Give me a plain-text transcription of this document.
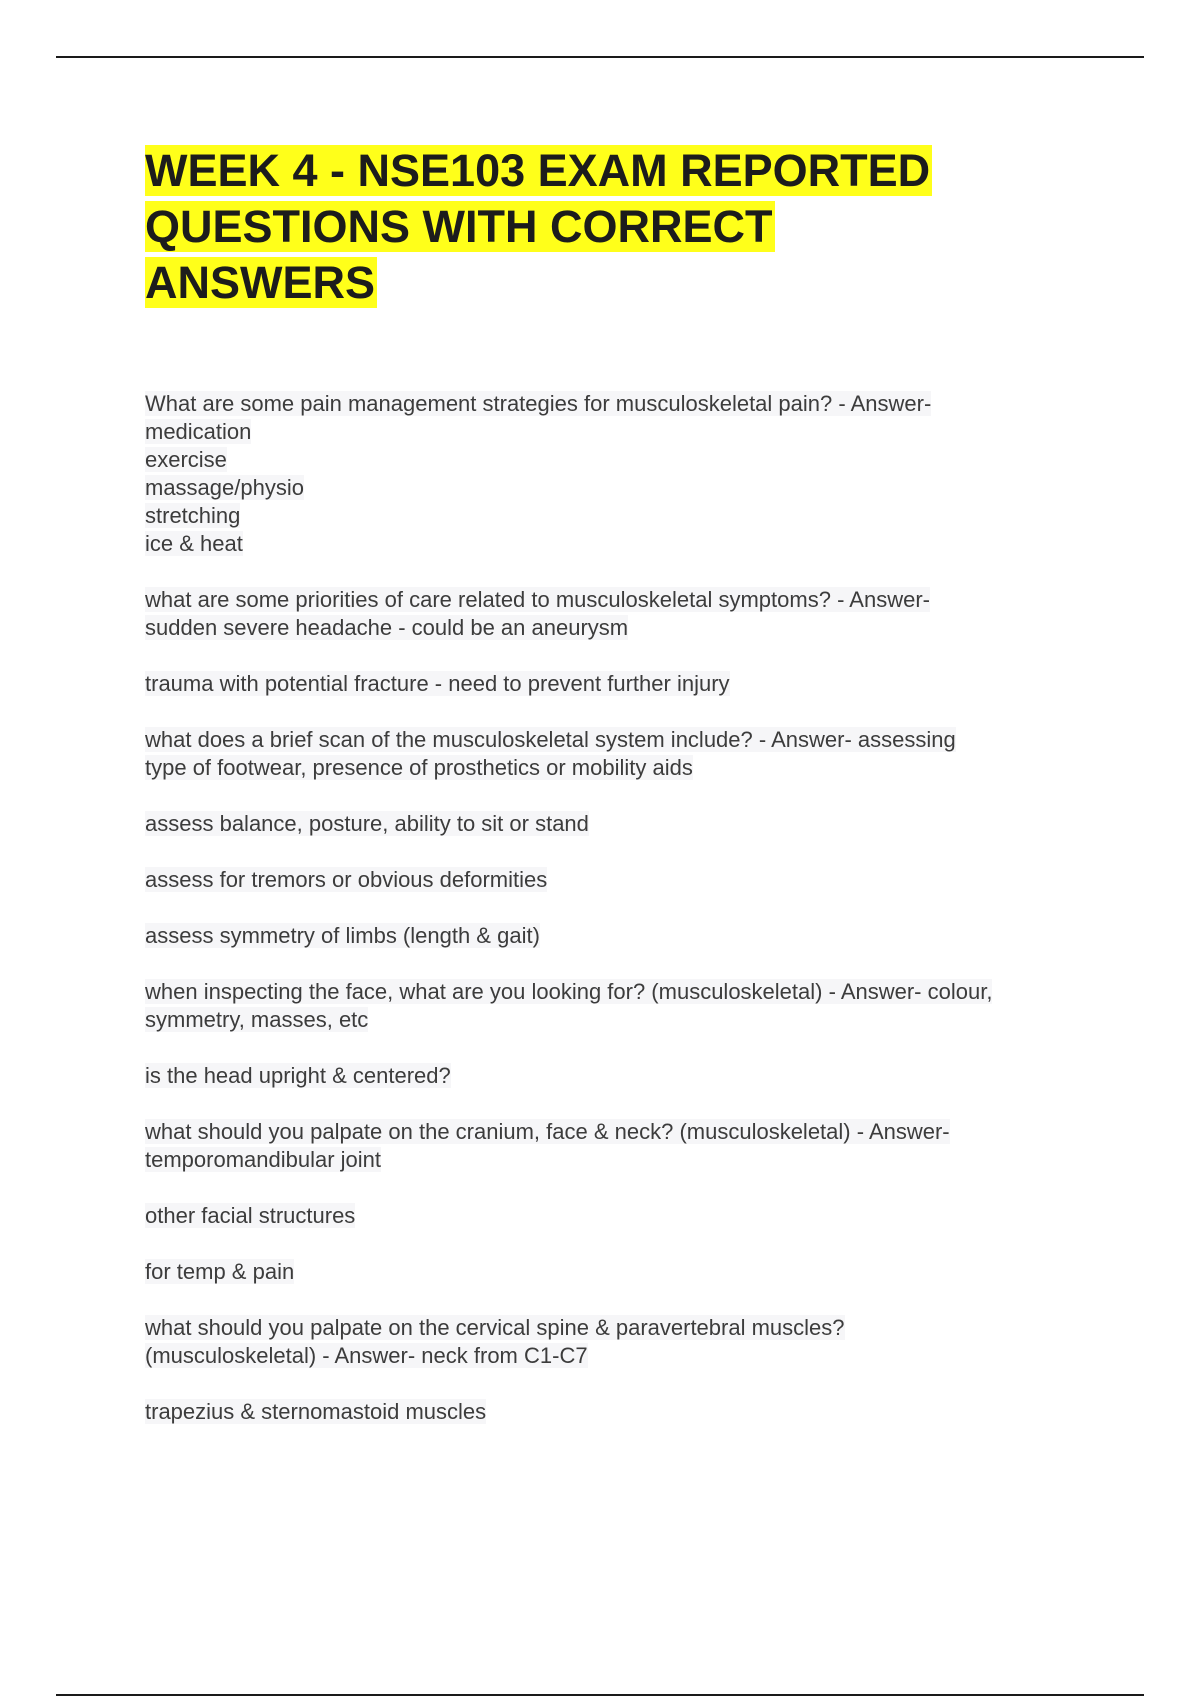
WEEK 4 - NSE103 EXAM REPORTED
QUESTIONS WITH CORRECT
ANSWERS

What are some pain management strategies for musculoskeletal pain? - Answer-
medication
exercise
massage/physio
stretching
ice & heat

what are some priorities of care related to musculoskeletal symptoms? - Answer-
sudden severe headache - could be an aneurysm

trauma with potential fracture - need to prevent further injury

what does a brief scan of the musculoskeletal system include? - Answer- assessing
type of footwear, presence of prosthetics or mobility aids

assess balance, posture, ability to sit or stand

assess for tremors or obvious deformities

assess symmetry of limbs (length & gait)

when inspecting the face, what are you looking for? (musculoskeletal) - Answer- colour,
symmetry, masses, etc

is the head upright & centered?

what should you palpate on the cranium, face & neck? (musculoskeletal) - Answer-
temporomandibular joint

other facial structures

for temp & pain

what should you palpate on the cervical spine & paravertebral muscles?
(musculoskeletal) - Answer- neck from C1-C7

trapezius & sternomastoid muscles
